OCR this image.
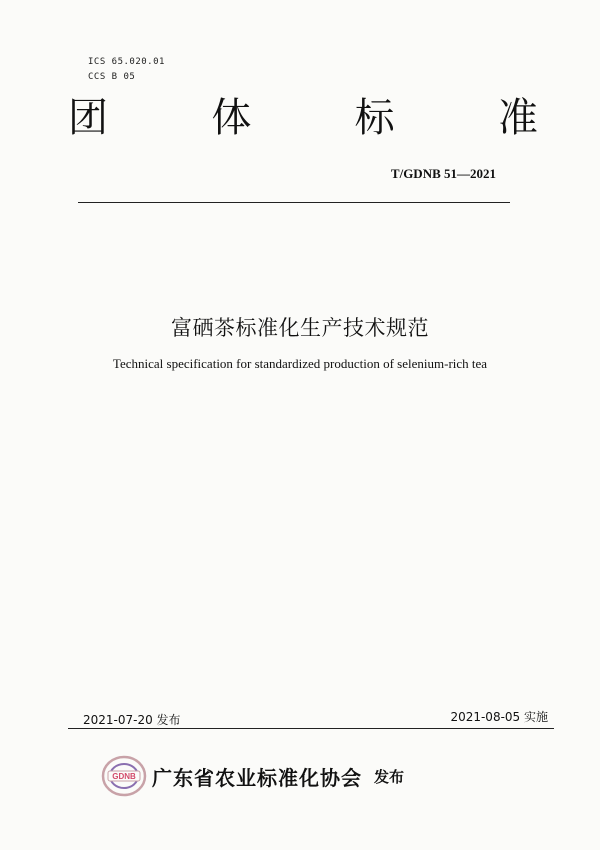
ICS 65.020.01
CCS B 05
团	体	标	准
T/GDNB 51—2021
富硒茶标准化生产技术规范
Technical specification for standardized production of selenium-rich tea
2021-07-20 发布	2021-08-05 实施
GDNB 广东省农业标准化协会 发布
